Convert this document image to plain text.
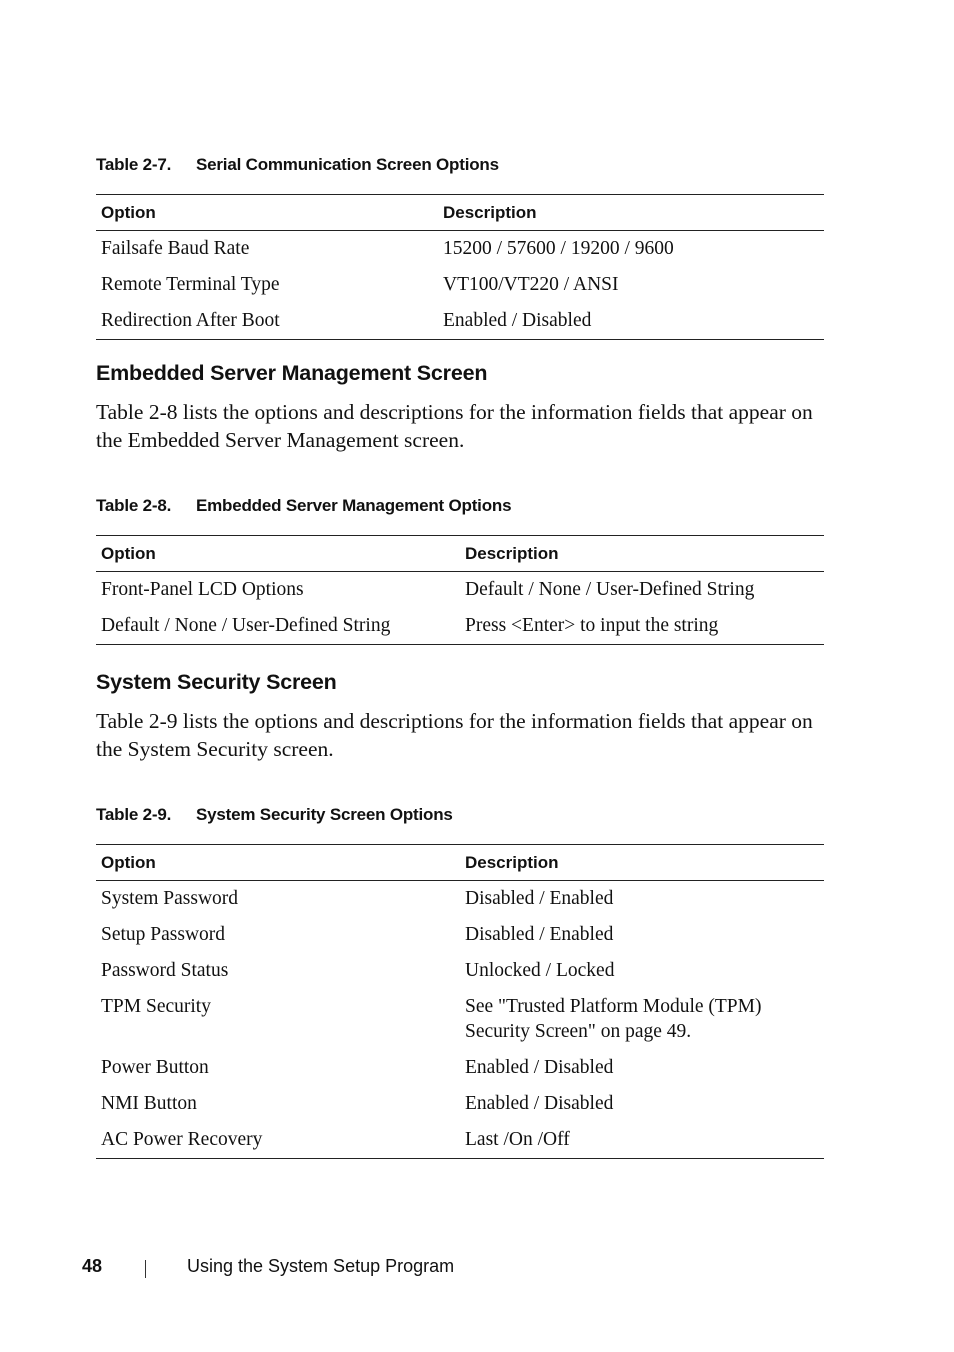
Table 2-7. Serial Communication Screen Options
Option	Description
Failsafe Baud Rate	15200 / 57600 / 19200 / 9600
Remote Terminal Type	VT100/VT220 / ANSI
Redirection After Boot	Enabled / Disabled
Embedded Server Management Screen
Table 2-8 lists the options and descriptions for the information fields that appear on the Embedded Server Management screen.
Table 2-8. Embedded Server Management Options
Option	Description
Front-Panel LCD Options	Default / None / User-Defined String
Default / None / User-Defined String	Press <Enter> to input the string
System Security Screen
Table 2-9 lists the options and descriptions for the information fields that appear on the System Security screen.
Table 2-9. System Security Screen Options
Option	Description
System Password	Disabled / Enabled
Setup Password	Disabled / Enabled
Password Status	Unlocked / Locked
TPM Security	See "Trusted Platform Module (TPM) Security Screen" on page 49.
Power Button	Enabled / Disabled
NMI Button	Enabled / Disabled
AC Power Recovery	Last /On /Off
48	Using the System Setup Program
